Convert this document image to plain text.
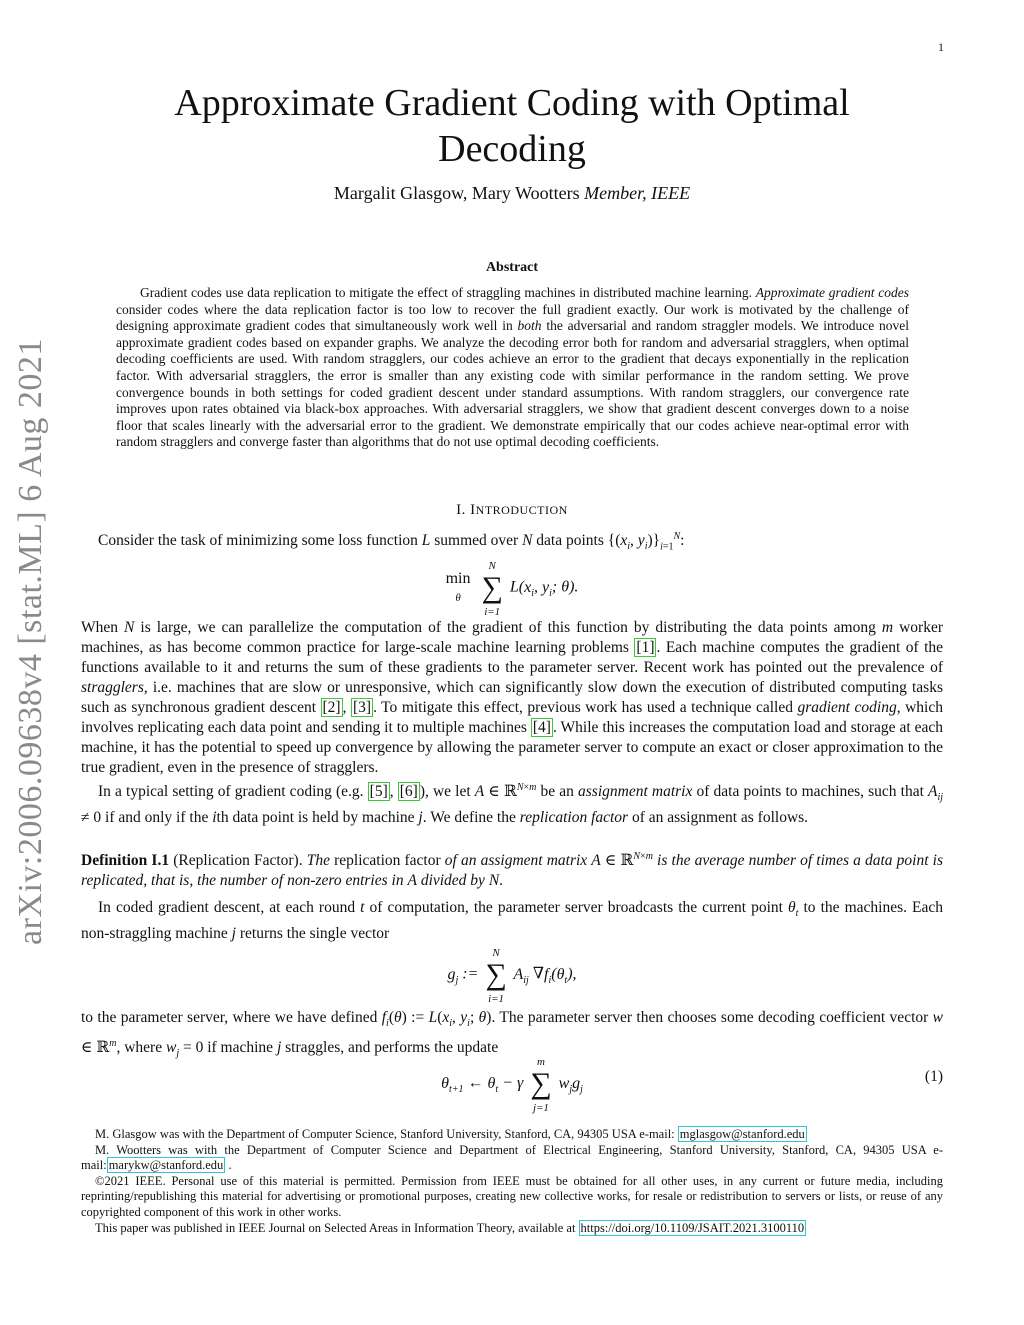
1
arXiv:2006.09638v4 [stat.ML] 6 Aug 2021
Approximate Gradient Coding with Optimal Decoding
Margalit Glasgow, Mary Wootters Member, IEEE
Abstract

Gradient codes use data replication to mitigate the effect of straggling machines in distributed machine learning. Approximate gradient codes consider codes where the data replication factor is too low to recover the full gradient exactly. Our work is motivated by the challenge of designing approximate gradient codes that simultaneously work well in both the adversarial and random straggler models. We introduce novel approximate gradient codes based on expander graphs. We analyze the decoding error both for random and adversarial stragglers, when optimal decoding coefficients are used. With random stragglers, our codes achieve an error to the gradient that decays exponentially in the replication factor. With adversarial stragglers, the error is smaller than any existing code with similar performance in the random setting. We prove convergence bounds in both settings for coded gradient descent under standard assumptions. With random stragglers, our convergence rate improves upon rates obtained via black-box approaches. With adversarial stragglers, we show that gradient descent converges down to a noise floor that scales linearly with the adversarial error to the gradient. We demonstrate empirically that our codes achieve near-optimal error with random stragglers and converge faster than algorithms that do not use optimal decoding coefficients.

I. INTRODUCTION

Consider the task of minimizing some loss function L summed over N data points {($x_i$, $y_i)\}_{i=1}^N$:

min
θ N
∑
i=1 $L(x_i$, $y_i$; θ).

When N is large, we can parallelize the computation of the gradient of this function by distributing the data points among m worker machines, as has become common practice for large-scale machine learning problems [1] . Each machine computes the gradient of the functions available to it and returns the sum of these gradients to the parameter server. Recent work has pointed out the prevalence of stragglers, i.e. machines that are slow or unresponsive, which can significantly slow down the execution of distributed computing tasks such as synchronous gradient descent [2] , [3] . To mitigate this effect, previous work has used a technique called gradient coding, which involves replicating each data point and sending it to multiple machines [4] . While this increases the computation load and storage at each machine, it has the potential to speed up convergence by allowing the parameter server to compute an exact or closer approximation to the true gradient, even in the presence of stragglers.

In a typical setting of gradient coding (e.g. [5] , [6] ), we let A ∈ ℝ$^{N\times m}$ be an assignment matrix of data points to machines, such that $A_{ij} \ne 0$ if and only if the ith data point is held by machine j. We define the replication factor of an assignment as follows.

Definition I.1 (Replication Factor). The replication factor of an assigment matrix A ∈ ℝ$^{N\times m}$ is the average number of times a data point is replicated, that is, the number of non-zero entries in A divided by N.

In coded gradient descent, at each round t of computation, the parameter server broadcasts the current point $\theta_t$ to the machines. Each non-straggling machine j returns the single vector

$g_j$ := N
∑
i=1 $A_{ij}$ $\nabla f_i(\theta_t)$,

to the parameter server, where we have defined $f_i(\theta)$ := $L(x_i$, $y_i$; θ). The parameter server then chooses some decoding coefficient vector w ∈ ℝ$^m$, where $w_j = 0$ if machine j straggles, and performs the update

$\theta_{t+1}$ ← $\theta_t - \gamma$ m
∑
j=1 $w_jg_j$
(1)

M. Glasgow was with the Department of Computer Science, Stanford University, Stanford, CA, 94305 USA e-mail: mglasgow@stanford.edu

M. Wootters was with the Department of Computer Science and Department of Electrical Engineering, Stanford University, Stanford, CA, 94305 USA e-mail: marykw@stanford.edu .

©2021 IEEE. Personal use of this material is permitted. Permission from IEEE must be obtained for all other uses, in any current or future media, including reprinting/republishing this material for advertising or promotional purposes, creating new collective works, for resale or redistribution to servers or lists, or reuse of any copyrighted component of this work in other works.

This paper was published in IEEE Journal on Selected Areas in Information Theory, available at https://doi.org/10.1109/JSAIT.2021.3100110
